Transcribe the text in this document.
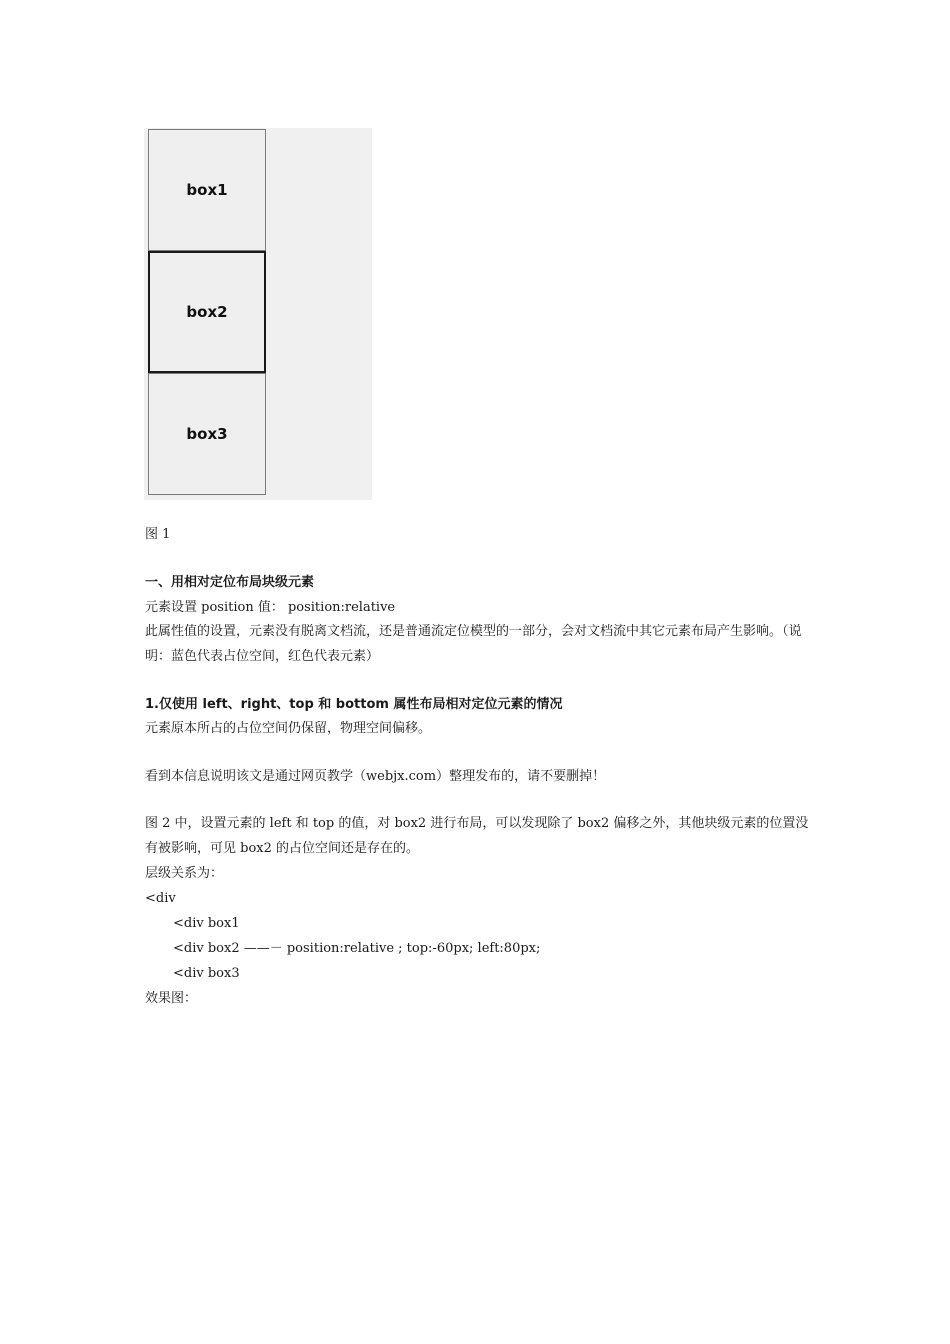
box1
box2
box3
图 1
一、用相对定位布局块级元素
元素设置 position 值： position:relative
此属性值的设置，元素没有脱离文档流，还是普通流定位模型的一部分，会对文档流中其它元素布局产生影响。（说明：蓝色代表占位空间，红色代表元素）
1.仅使用 left、right、top 和 bottom 属性布局相对定位元素的情况
元素原本所占的占位空间仍保留，物理空间偏移。
看到本信息说明该文是通过网页教学（webjx.com）整理发布的，请不要删掉！
图 2 中，设置元素的 left 和 top 的值，对 box2 进行布局，可以发现除了 box2 偏移之外，其他块级元素的位置没有被影响，可见 box2 的占位空间还是存在的。
层级关系为：
<div
<div box1
<div box2 ——－ position:relative ; top:-60px; left:80px;
<div box3
效果图：
